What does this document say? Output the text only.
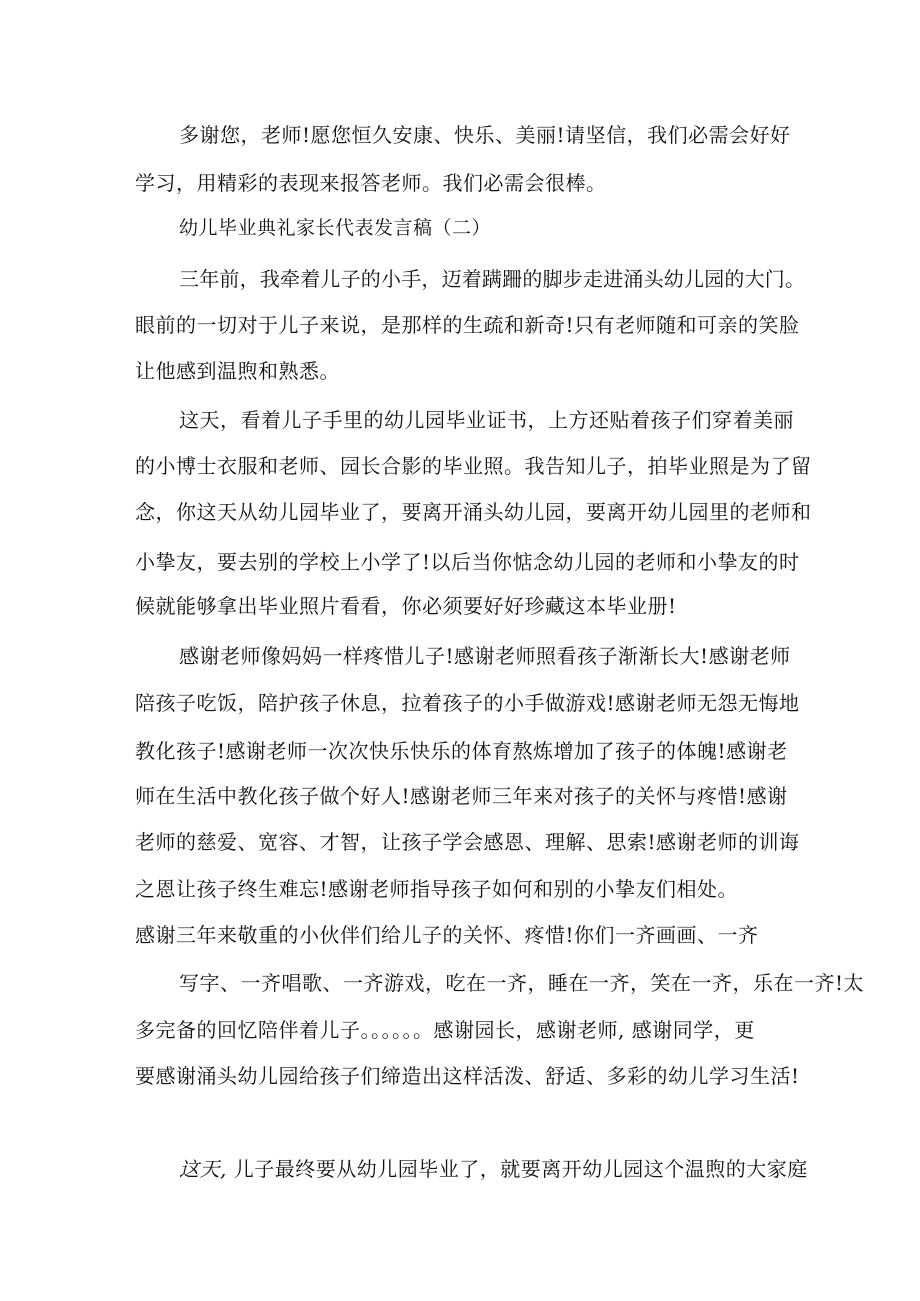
多谢您，老师!愿您恒久安康、快乐、美丽!请坚信，我们必需会好好
学习，用精彩的表现来报答老师。我们必需会很棒。
幼儿毕业典礼家长代表发言稿（二）
三年前，我牵着儿子的小手，迈着蹒跚的脚步走进涌头幼儿园的大门。
眼前的一切对于儿子来说，是那样的生疏和新奇!只有老师随和可亲的笑脸
让他感到温煦和熟悉。
这天，看着儿子手里的幼儿园毕业证书，上方还贴着孩子们穿着美丽
的小博士衣服和老师、园长合影的毕业照。我告知儿子，拍毕业照是为了留
念，你这天从幼儿园毕业了，要离开涌头幼儿园，要离开幼儿园里的老师和
小挚友，要去别的学校上小学了!以后当你惦念幼儿园的老师和小挚友的时
候就能够拿出毕业照片看看，你必须要好好珍藏这本毕业册!
感谢老师像妈妈一样疼惜儿子!感谢老师照看孩子渐渐长大!感谢老师
陪孩子吃饭，陪护孩子休息，拉着孩子的小手做游戏!感谢老师无怨无悔地
教化孩子!感谢老师一次次快乐快乐的体育熬炼增加了孩子的体魄!感谢老
师在生活中教化孩子做个好人!感谢老师三年来对孩子的关怀与疼惜!感谢
老师的慈爱、宽容、才智，让孩子学会感恩、理解、思索!感谢老师的训诲
之恩让孩子终生难忘!感谢老师指导孩子如何和别的小挚友们相处。
感谢三年来敬重的小伙伴们给儿子的关怀、疼惜!你们一齐画画、一齐
写字、一齐唱歌、一齐游戏，吃在一齐，睡在一齐，笑在一齐，乐在一齐!太
多完备的回忆陪伴着儿子。。。。。。感谢园长，感谢老师, 感谢同学，更
要感谢涌头幼儿园给孩子们缔造出这样活泼、舒适、多彩的幼儿学习生活!
这天, 儿子最终要从幼儿园毕业了，就要离开幼儿园这个温煦的大家庭
